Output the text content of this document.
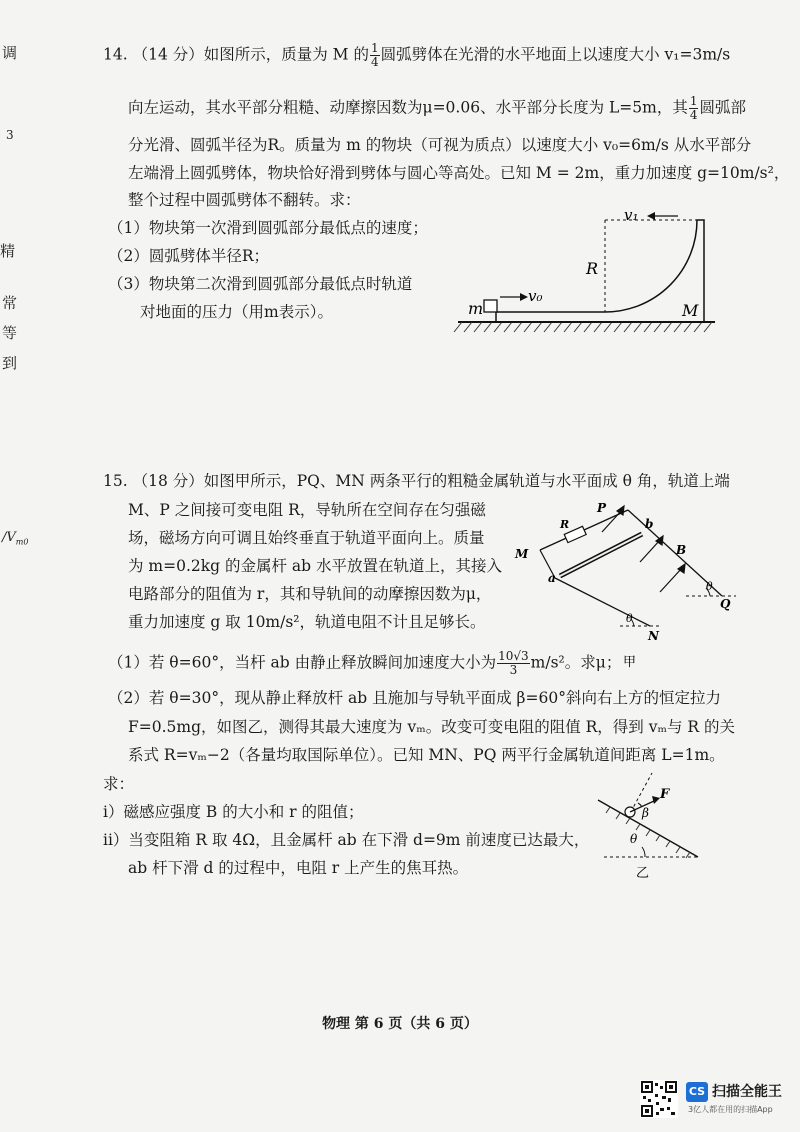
调
3
精
常
等
到
$/V_{m0}$
14. （14 分）如图所示，质量为 M 的 $\frac{1}{4}$ 圆弧劈体在光滑的水平地面上以速度大小 v₁=3m/s
向左运动，其水平部分粗糙、动摩擦因数为μ=0.06、水平部分长度为 L=5m，其 $\frac{1}{4}$ 圆弧部
分光滑、圆弧半径为R。质量为 m 的物块（可视为质点）以速度大小 v₀=6m/s 从水平部分
左端滑上圆弧劈体，物块恰好滑到劈体与圆心等高处。已知 M = 2m，重力加速度 g=10m/s²，
整个过程中圆弧劈体不翻转。求：
（1）物块第一次滑到圆弧部分最低点的速度；
（2）圆弧劈体半径R；
（3）物块第二次滑到圆弧部分最低点时轨道
对地面的压力（用m表示）。
v₁
R
v₀
m	M
15. （18 分）如图甲所示，PQ、MN 两条平行的粗糙金属轨道与水平面成 θ 角，轨道上端
M、P 之间接可变电阻 R，导轨所在空间存在匀强磁
场，磁场方向可调且始终垂直于轨道平面向上。质量
为 m=0.2kg 的金属杆 ab 水平放置在轨道上，其接入
电路部分的阻值为 r，其和导轨间的动摩擦因数为μ，
重力加速度 g 取 10m/s²，轨道电阻不计且足够长。
（1）若 θ=60°，当杆 ab 由静止释放瞬间加速度大小为 $\frac{10√3}{3} m/s^2$。求μ；
（2）若 θ=30°，现从静止释放杆 ab 且施加与导轨平面成 β=60°斜向右上方的恒定拉力
F=0.5mg，如图乙，测得其最大速度为 vₘ。改变可变电阻的阻值 R，得到 vₘ与 R 的关
系式 R=vₘ−2（各量均取国际单位）。已知 MN、PQ 两平行金属轨道间距离 L=1m。
求：
i）磁感应强度 B 的大小和 r 的阻值；
ii）当变阻箱 R 取 4Ω，且金属杆 ab 在下滑 d=9m 前速度已达最大，
ab 杆下滑 d 的过程中，电阻 r 上产生的焦耳热。
R
P
b
M
a
B
θ
Q
θ
N
甲
F
β
θ
乙
物理 第 6 页（共 6 页）
CS 扫描全能王
3亿人都在用的扫描App
